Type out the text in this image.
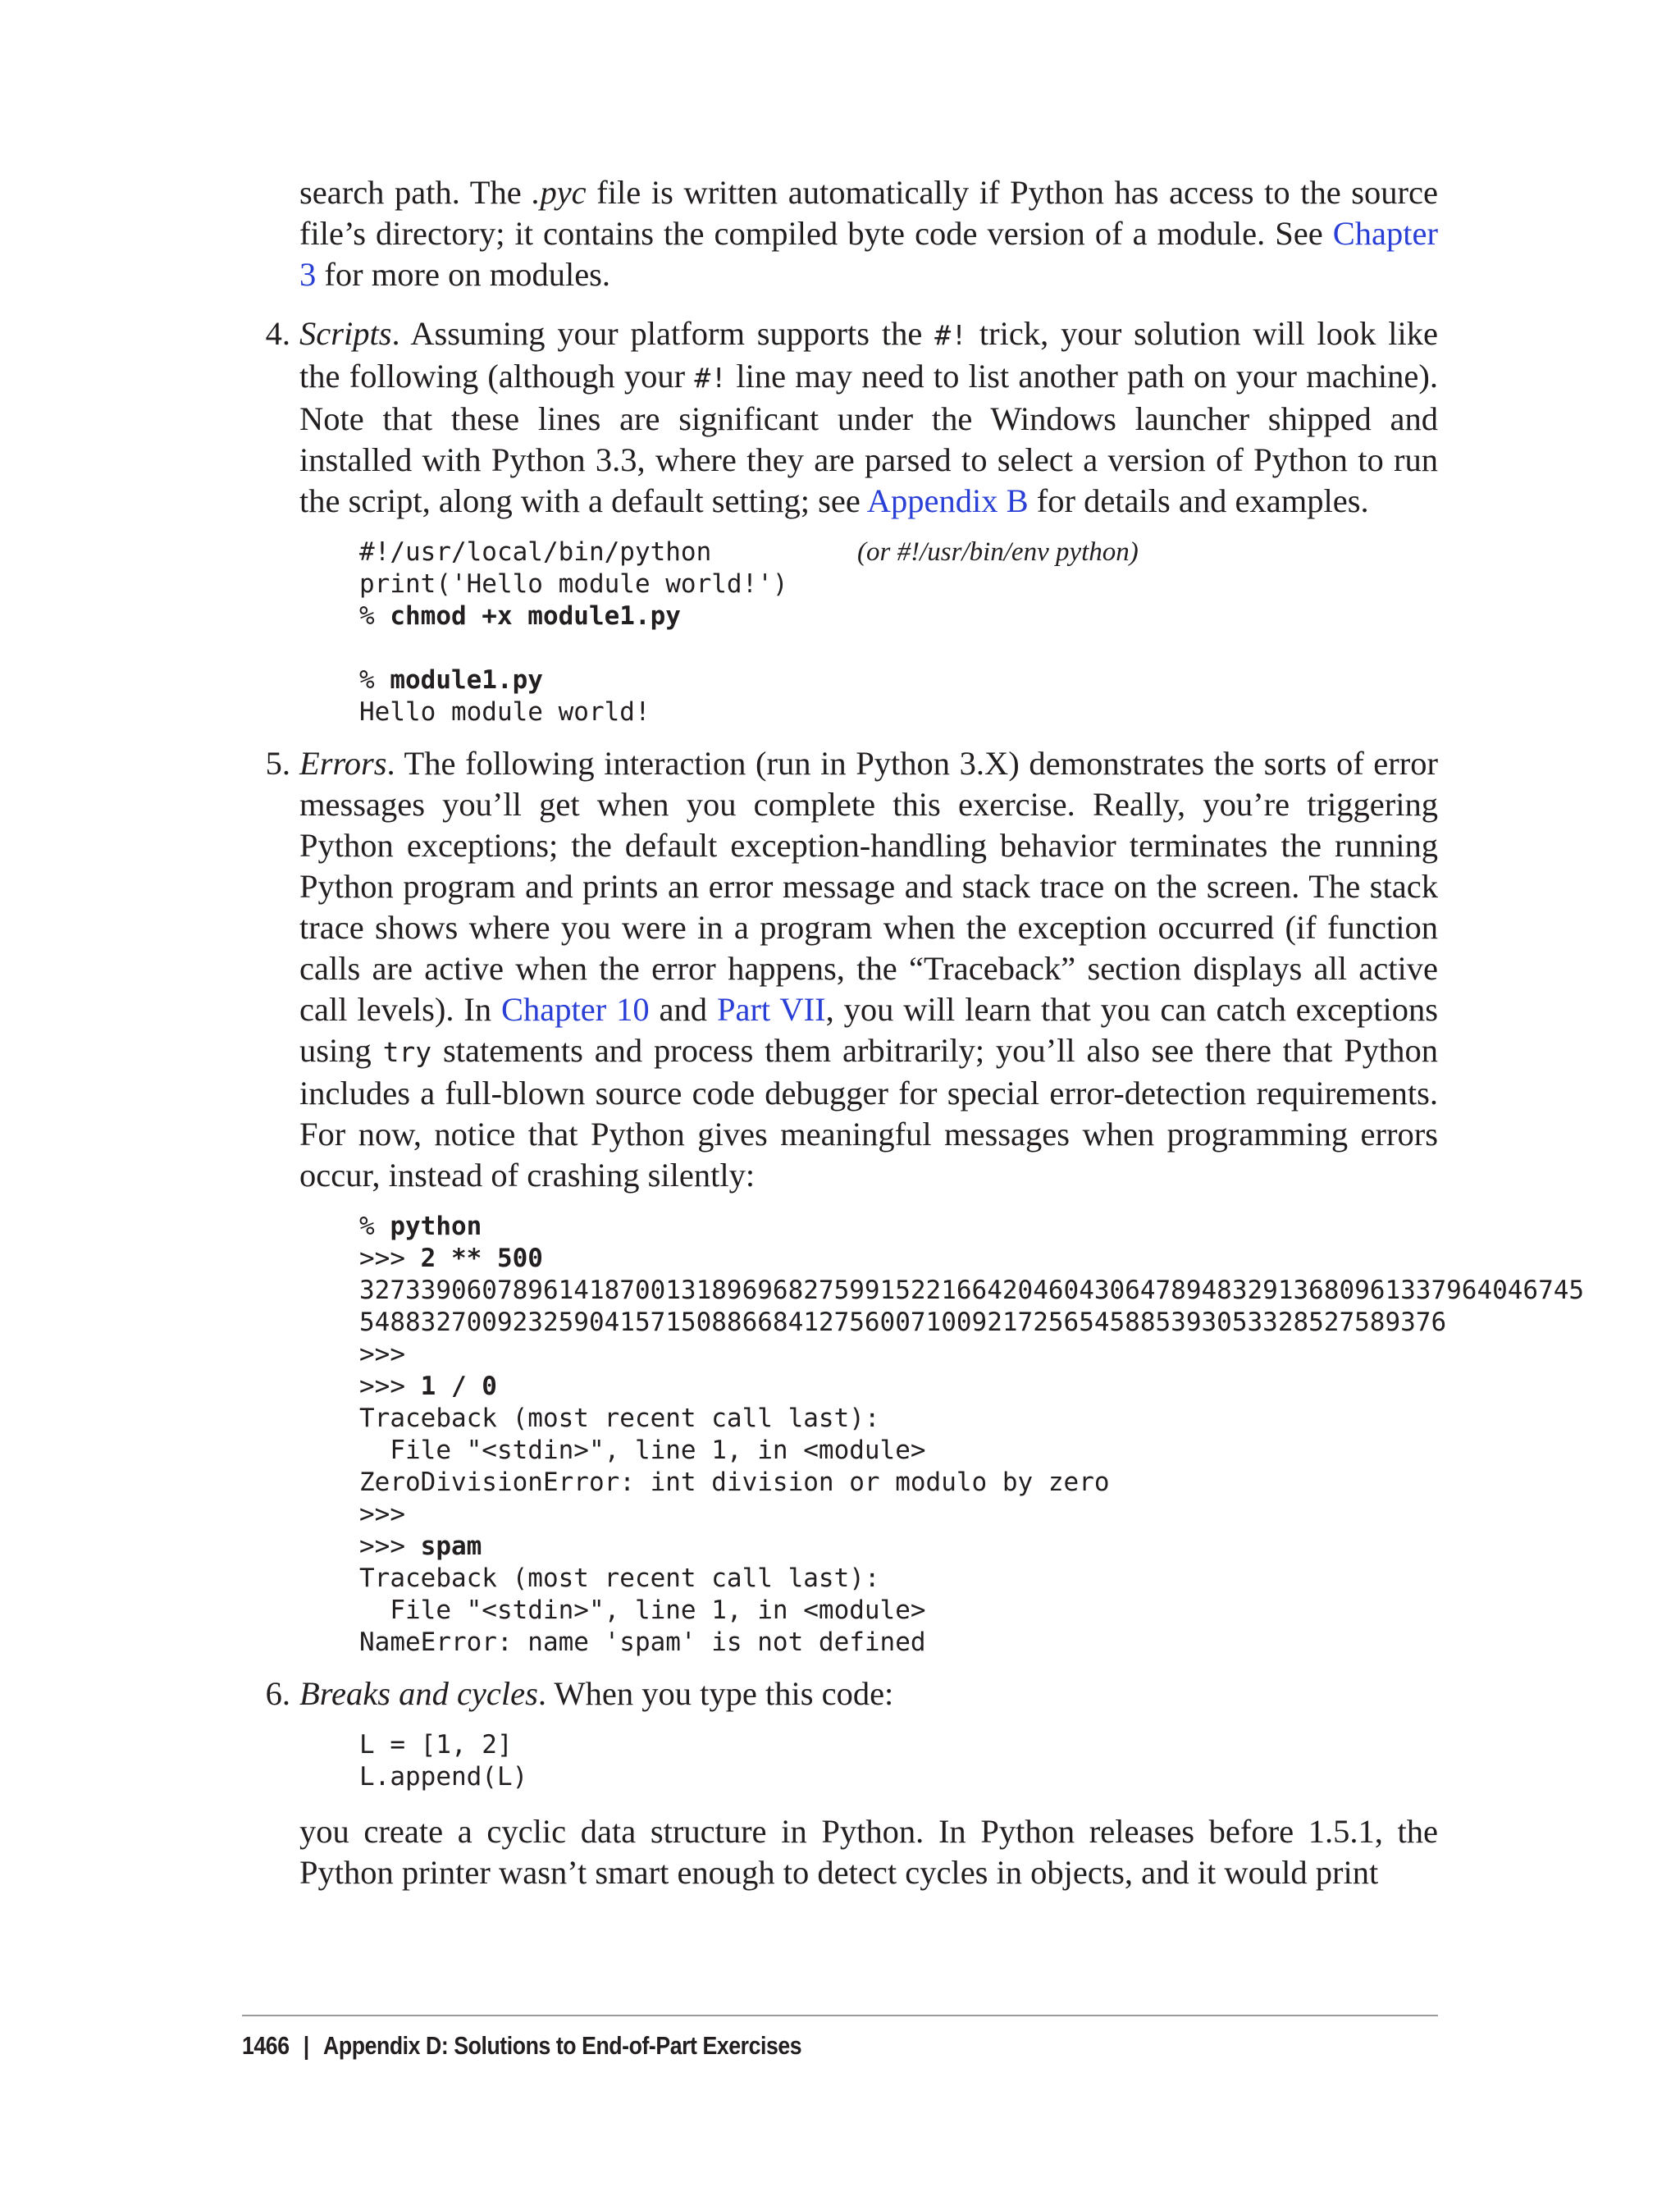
search path. The .pyc file is written automatically if Python has access to the source file’s directory; it contains the compiled byte code version of a module. See Chapter 3 for more on modules.

4. Scripts. Assuming your platform supports the #! trick, your solution will look like the following (although your #! line may need to list another path on your machine). Note that these lines are significant under the Windows launcher shipped and installed with Python 3.3, where they are parsed to select a version of Python to run the script, along with a default setting; see Appendix B for details and examples.

#!/usr/local/bin/python
print('Hello module world!')
% chmod +x module1.py
% module1.py
Hello module world!
(or #!/usr/bin/env python)
5. Errors. The following interaction (run in Python 3.X) demonstrates the sorts of error messages you’ll get when you complete this exercise. Really, you’re triggering Python exceptions; the default exception-handling behavior terminates the running Python program and prints an error message and stack trace on the screen. The stack trace shows where you were in a program when the exception occurred (if function calls are active when the error happens, the “Traceback” section displays all active call levels). In Chapter 10 and Part VII, you will learn that you can catch exceptions using try statements and process them arbitrarily; you’ll also see there that Python includes a full-blown source code debugger for special error-detection requirements. For now, notice that Python gives meaningful messages when programming errors occur, instead of crashing silently:

% python
>>> 2 ** 500
32733906078961418700131896968275991522166420460430647894832913680961337964046745
5488327009232590415715088668412756007100921725654588539305332852758937​6
>>>
>>> 1 / 0
Traceback (most recent call last):
File "<stdin>", line 1, in <module>
ZeroDivisionError: int division or modulo by zero
>>>
>>> spam
Traceback (most recent call last):
File "<stdin>", line 1, in <module>
NameError: name 'spam' is not defined
6. Breaks and cycles. When you type this code:

L = [1, 2]
L.append(L)

you create a cyclic data structure in Python. In Python releases before 1.5.1, the Python printer wasn’t smart enough to detect cycles in objects, and it would print

1466 | Appendix D: Solutions to End-of-Part Exercises
